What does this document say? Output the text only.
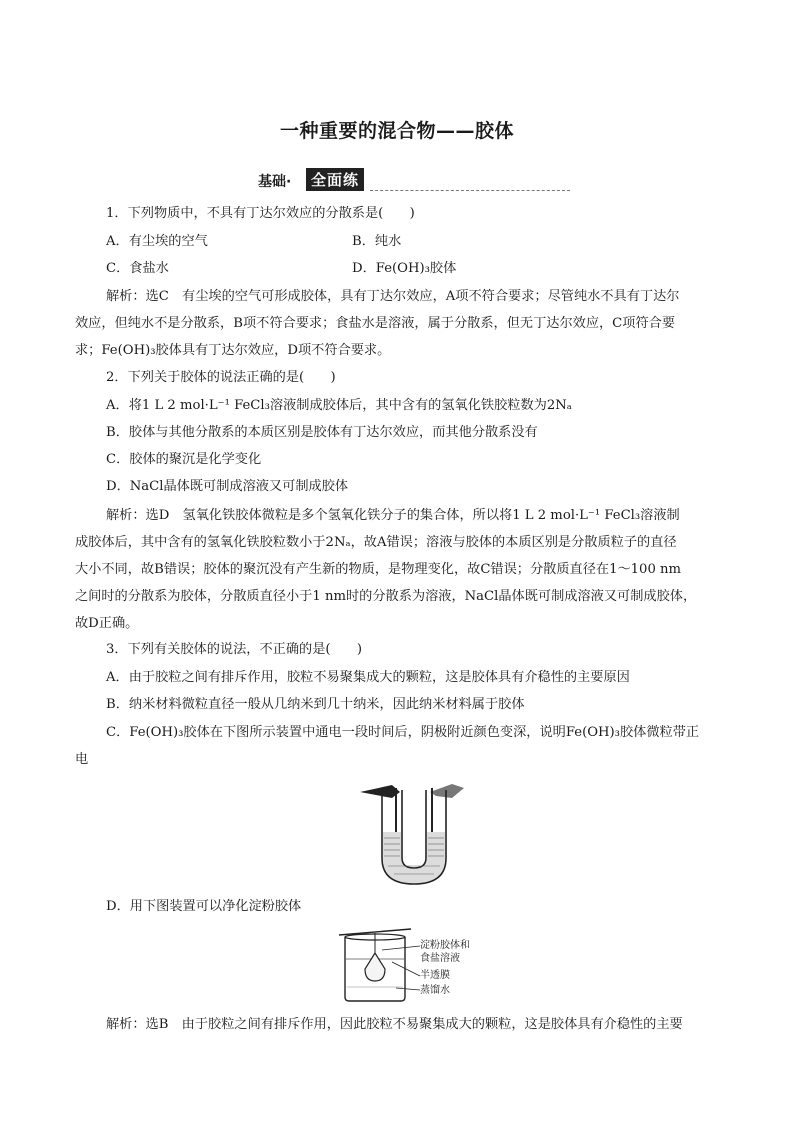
一种重要的混合物——胶体
基础·	全面练
1．下列物质中，不具有丁达尔效应的分散系是(　　)
A．有尘埃的空气	B．纯水
C．食盐水	D．Fe(OH)₃胶体
解析：选C　有尘埃的空气可形成胶体，具有丁达尔效应，A项不符合要求；尽管纯水不具有丁达尔
效应，但纯水不是分散系，B项不符合要求；食盐水是溶液，属于分散系，但无丁达尔效应，C项符合要
求；Fe(OH)₃胶体具有丁达尔效应，D项不符合要求。
2．下列关于胶体的说法正确的是(　　)
A．将1 L 2 mol·L⁻¹ FeCl₃溶液制成胶体后，其中含有的氢氧化铁胶粒数为2Nₐ
B．胶体与其他分散系的本质区别是胶体有丁达尔效应，而其他分散系没有
C．胶体的聚沉是化学变化
D．NaCl晶体既可制成溶液又可制成胶体
解析：选D　氢氧化铁胶体微粒是多个氢氧化铁分子的集合体，所以将1 L 2 mol·L⁻¹ FeCl₃溶液制
成胶体后，其中含有的氢氧化铁胶粒数小于2Nₐ，故A错误；溶液与胶体的本质区别是分散质粒子的直径
大小不同，故B错误；胶体的聚沉没有产生新的物质，是物理变化，故C错误；分散质直径在1～100 nm
之间时的分散系为胶体，分散质直径小于1 nm时的分散系为溶液，NaCl晶体既可制成溶液又可制成胶体，
故D正确。
3．下列有关胶体的说法，不正确的是(　　)
A．由于胶粒之间有排斥作用，胶粒不易聚集成大的颗粒，这是胶体具有介稳性的主要原因
B．纳米材料微粒直径一般从几纳米到几十纳米，因此纳米材料属于胶体
C．Fe(OH)₃胶体在下图所示装置中通电一段时间后，阴极附近颜色变深，说明Fe(OH)₃胶体微粒带正
电
D．用下图装置可以净化淀粉胶体
淀粉胶体和
食盐溶液
半透膜
蒸馏水
解析：选B　由于胶粒之间有排斥作用，因此胶粒不易聚集成大的颗粒，这是胶体具有介稳性的主要
